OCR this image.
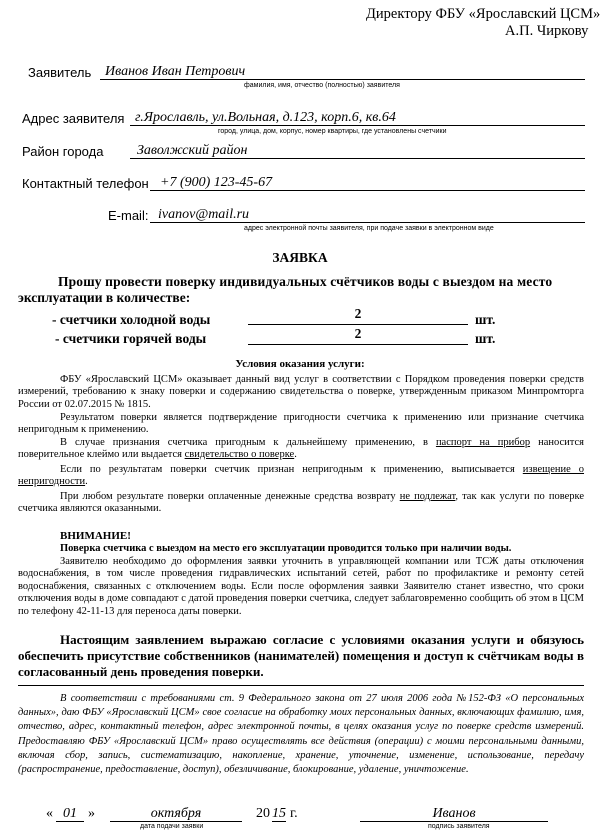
Директору ФБУ «Ярославский ЦСМ»
А.П. Чиркову
Заявитель Иванов Иван Петрович
фамилия, имя, отчество (полностью) заявителя
Адрес заявителя г.Ярославль, ул.Вольная, д.123, корп.6, кв.64
город, улица, дом, корпус, номер квартиры, где установлены счетчики
Район города Заволжский район
Контактный телефон +7 (900) 123-45-67
E-mail: ivanov@mail.ru
адрес электронной почты заявителя, при подаче заявки в электронном виде
ЗАЯВКА
Прошу провести поверку индивидуальных счётчиков воды с выездом на место
эксплуатации в количестве:
- счетчики холодной воды	2	шт.
- счетчики горячей воды	2	шт.
Условия оказания услуги:
ФБУ «Ярославский ЦСМ» оказывает данный вид услуг в соответствии с Порядком проведения поверки средств измерений, требованию к знаку поверки и содержанию свидетельства о поверке, утвержденным приказом Минпромторга России от 02.07.2015 № 1815.
Результатом поверки является подтверждение пригодности счетчика к применению или признание счетчика непригодным к применению.
В случае признания счетчика пригодным к дальнейшему применению, в паспорт на прибор наносится поверительное клеймо или выдается свидетельство о поверке.
Если по результатам поверки счетчик признан непригодным к применению, выписывается извещение о непригодности.
При любом результате поверки оплаченные денежные средства возврату не подлежат, так как услуги по поверке счетчика являются оказанными.
ВНИМАНИЕ!
Поверка счетчика с выездом на место его эксплуатации проводится только при наличии воды.
Заявителю необходимо до оформления заявки уточнить в управляющей компании или ТСЖ даты отключения водоснабжения, в том числе проведения гидравлических испытаний сетей, работ по профилактике и ремонту сетей водоснабжения, связанных с отключением воды. Если после оформления заявки Заявителю станет известно, что сроки отключения воды в доме совпадают с датой проведения поверки счетчика, следует заблаговременно сообщить об этом в ЦСМ по телефону 42-11-13 для переноса даты поверки.
Настоящим заявлением выражаю согласие с условиями оказания услуги и обязуюсь обеспечить присутствие собственников (нанимателей) помещения и доступ к счётчикам воды в согласованный день проведения поверки.
В соответствии с требованиями ст. 9 Федерального закона от 27 июля 2006 года №152-ФЗ «О персональных данных», даю ФБУ «Ярославский ЦСМ» свое согласие на обработку моих персональных данных, включающих фамилию, имя, отчество, адрес, контактный телефон, адрес электронной почты, в целях оказания услуг по поверке средств измерений. Предоставляю ФБУ «Ярославский ЦСМ» право осуществлять все действия (операции) с моими персональными данными, включая сбор, запись, систематизацию, накопление, хранение, уточнение, изменение, использование, передачу (распространение, предоставление, доступ), обезличивание, блокирование, удаление, уничтожение.
« 01 »	октября	20 15 г.
дата подачи заявки
Иванов
подпись заявителя
